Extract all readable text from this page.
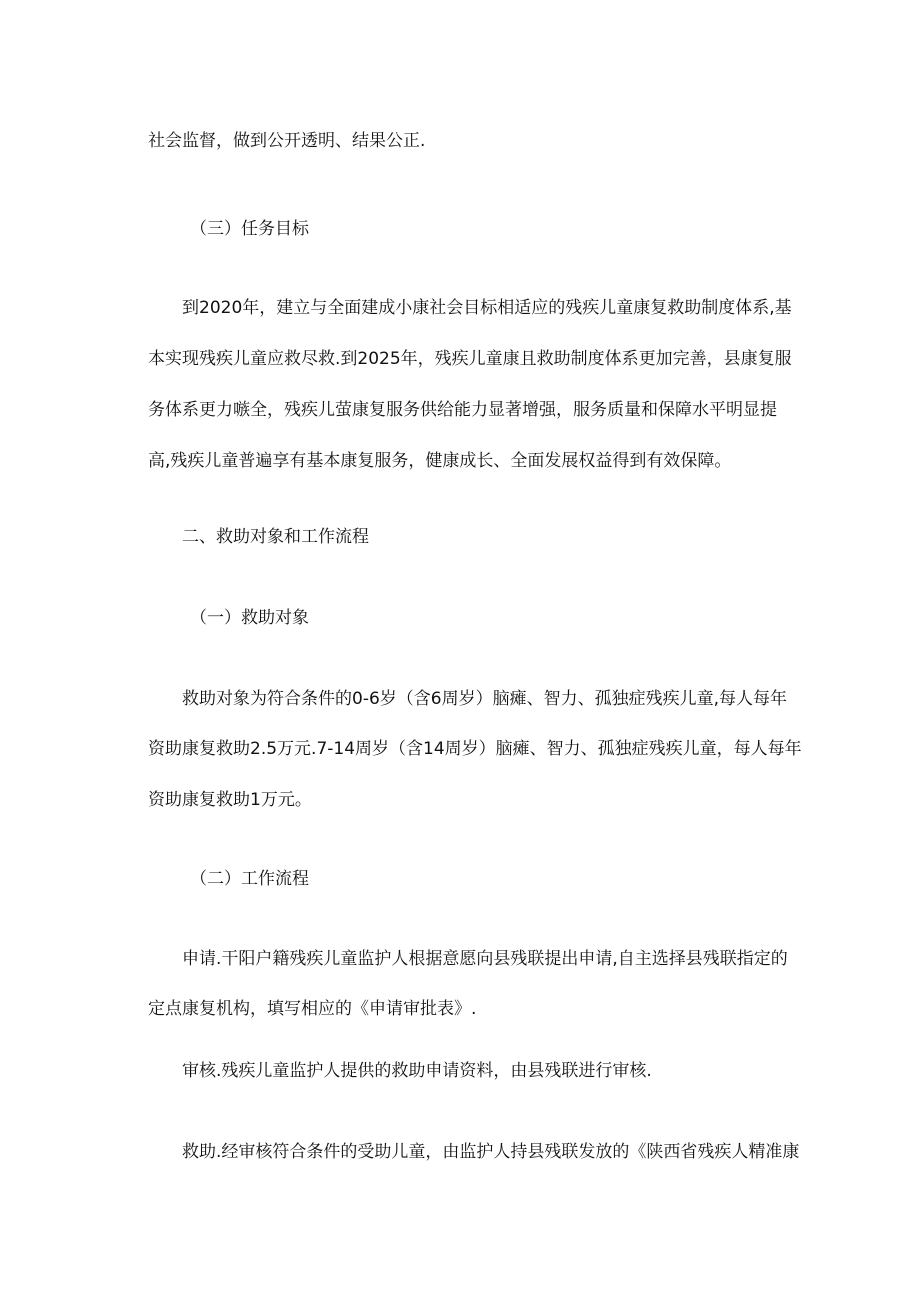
社会监督，做到公开透明、结果公正.
（三）任务目标
到2020年，建立与全面建成小康社会目标相适应的残疾儿童康复救助制度体系,基
本实现残疾儿童应救尽救.到2025年，残疾儿童康且救助制度体系更加完善，县康复服
务体系更力嗾全，残疾儿萤康复服务供给能力显著增强，服务质量和保障水平明显提
高,残疾儿童普遍享有基本康复服务，健康成长、全面发展权益得到有效保障。
二、救助对象和工作流程
（一）救助对象
救助对象为符合条件的0-6岁（含6周岁）脑瘫、智力、孤独症残疾儿童,每人每年
资助康复救助2.5万元.7-14周岁（含14周岁）脑瘫、智力、孤独症残疾儿童，每人每年
资助康复救助1万元。
（二）工作流程
申请.干阳户籍残疾儿童监护人根据意愿向县残联提出申请,自主选择县残联指定的
定点康复机构，填写相应的《申请审批表》.
审核.残疾儿童监护人提供的救助申请资料，由县残联进行审核.
救助.经审核符合条件的受助儿童，由监护人持县残联发放的《陕西省残疾人精准康
